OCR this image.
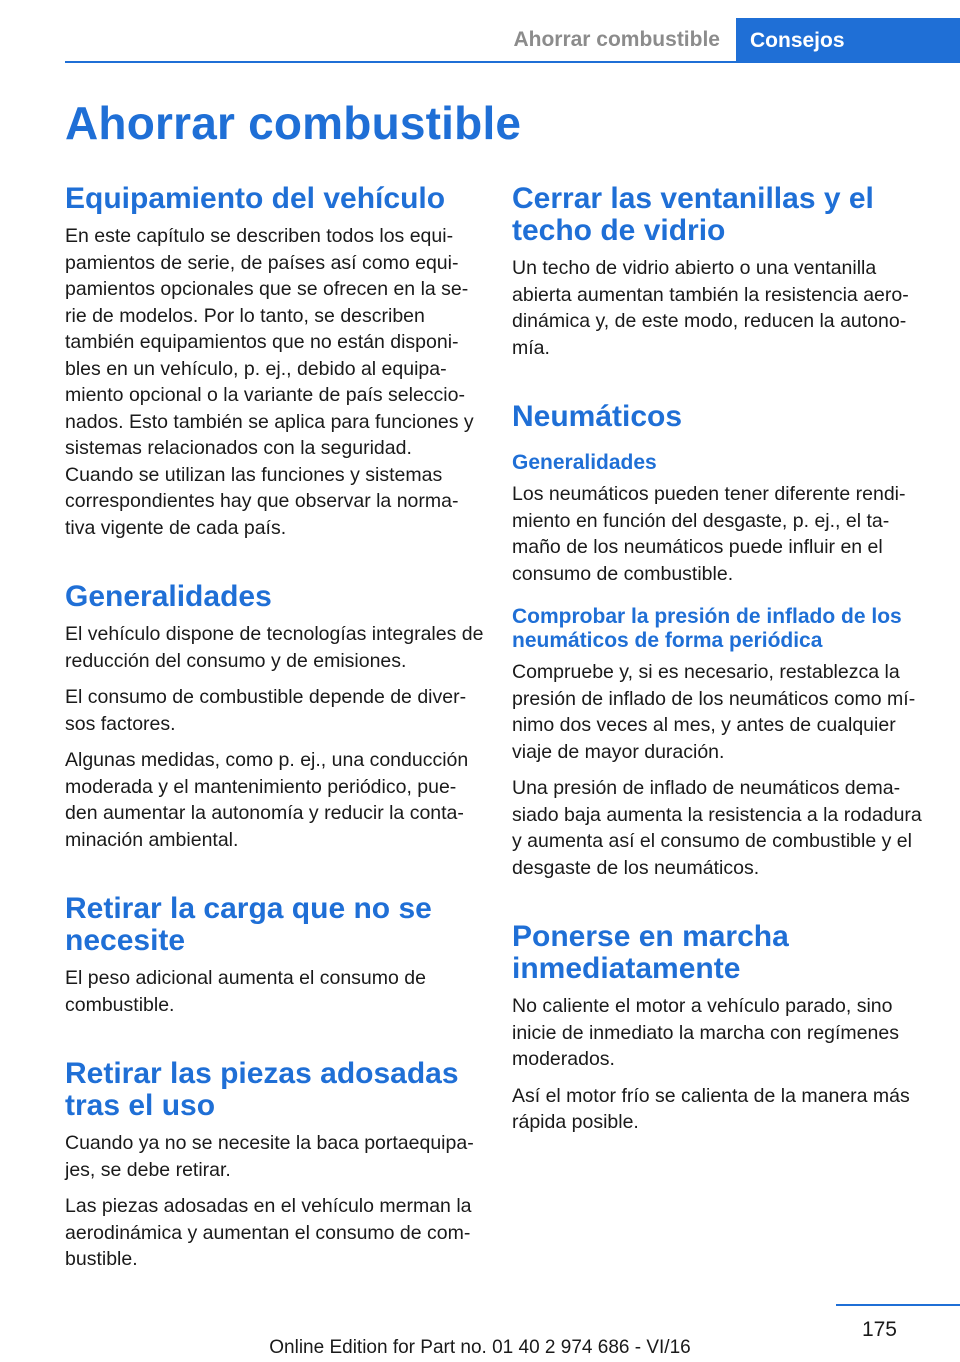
Ahorrar combustible Consejos
Ahorrar combustible
Equipamiento del vehículo

En este capítulo se describen todos los equi-pamientos de serie, de países así como equi-pamientos opcionales que se ofrecen en la se-rie de modelos. Por lo tanto, se describen también equipamientos que no están disponi-bles en un vehículo, p. ej., debido al equipa-miento opcional o la variante de país seleccio-nados. Esto también se aplica para funciones y sistemas relacionados con la seguridad. Cuando se utilizan las funciones y sistemas correspondientes hay que observar la norma-tiva vigente de cada país.

Generalidades

El vehículo dispone de tecnologías integrales de reducción del consumo y de emisiones.

El consumo de combustible depende de diver-sos factores.

Algunas medidas, como p. ej., una conducción moderada y el mantenimiento periódico, pue-den aumentar la autonomía y reducir la conta-minación ambiental.

Retirar la carga que no se necesite

El peso adicional aumenta el consumo de combustible.

Retirar las piezas adosadas tras el uso

Cuando ya no se necesite la baca portaequipa-jes, se debe retirar.

Las piezas adosadas en el vehículo merman la aerodinámica y aumentan el consumo de com-bustible.

Cerrar las ventanillas y el techo de vidrio

Un techo de vidrio abierto o una ventanilla abierta aumentan también la resistencia aero-dinámica y, de este modo, reducen la autono-mía.

Neumáticos
Generalidades

Los neumáticos pueden tener diferente rendi-miento en función del desgaste, p. ej., el ta-maño de los neumáticos puede influir en el consumo de combustible.

Comprobar la presión de inflado de los neumáticos de forma periódica

Compruebe y, si es necesario, restablezca la presión de inflado de los neumáticos como mí-nimo dos veces al mes, y antes de cualquier viaje de mayor duración.

Una presión de inflado de neumáticos dema-siado baja aumenta la resistencia a la rodadura y aumenta así el consumo de combustible y el desgaste de los neumáticos.

Ponerse en marcha inmediatamente

No caliente el motor a vehículo parado, sino inicie de inmediato la marcha con regímenes moderados.

Así el motor frío se calienta de la manera más rápida posible.

175
Online Edition for Part no. 01 40 2 974 686 - VI/16
